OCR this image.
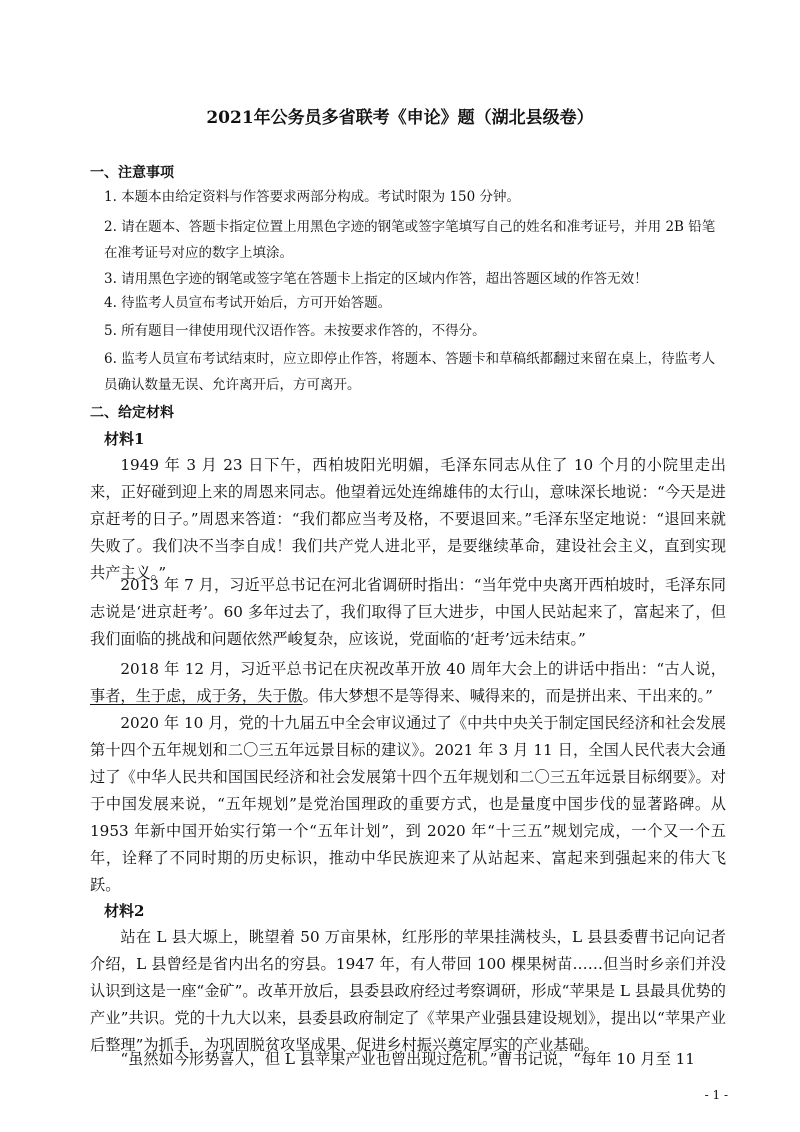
2021年公务员多省联考《申论》题（湖北县级卷）
一、注意事项

1. 本题本由给定资料与作答要求两部分构成。考试时限为 150 分钟。

2. 请在题本、答题卡指定位置上用黑色字迹的钢笔或签字笔填写自己的姓名和准考证号，并用 2B 铅笔在准考证号对应的数字上填涂。

3. 请用黑色字迹的钢笔或签字笔在答题卡上指定的区域内作答，超出答题区域的作答无效！

4. 待监考人员宣布考试开始后，方可开始答题。

5. 所有题目一律使用现代汉语作答。未按要求作答的，不得分。

6. 监考人员宣布考试结束时，应立即停止作答，将题本、答题卡和草稿纸都翻过来留在桌上，待监考人员确认数量无误、允许离开后，方可离开。

二、给定材料
材料1

1949 年 3 月 23 日下午，西柏坡阳光明媚，毛泽东同志从住了 10 个月的小院里走出来，正好碰到迎上来的周恩来同志。他望着远处连绵雄伟的太行山，意味深长地说：“今天是进京赶考的日子。”周恩来答道：“我们都应当考及格，不要退回来。”毛泽东坚定地说：“退回来就失败了。我们决不当李自成！我们共产党人进北平，是要继续革命，建设社会主义，直到实现共产主义。”

2013 年 7 月，习近平总书记在河北省调研时指出：“当年党中央离开西柏坡时，毛泽东同志说是‘进京赶考’。60 多年过去了，我们取得了巨大进步，中国人民站起来了，富起来了，但我们面临的挑战和问题依然严峻复杂，应该说，党面临的‘赶考’远未结束。”

2018 年 12 月，习近平总书记在庆祝改革开放 40 周年大会上的讲话中指出：“古人说，事者，生于虑，成于务，失于傲。伟大梦想不是等得来、喊得来的，而是拼出来、干出来的。”

2020 年 10 月，党的十九届五中全会审议通过了《中共中央关于制定国民经济和社会发展第十四个五年规划和二〇三五年远景目标的建议》。2021 年 3 月 11 日，全国人民代表大会通过了《中华人民共和国国民经济和社会发展第十四个五年规划和二〇三五年远景目标纲要》。对于中国发展来说，“五年规划”是党治国理政的重要方式，也是量度中国步伐的显著路碑。从 1953 年新中国开始实行第一个“五年计划”，到 2020 年“十三五”规划完成，一个又一个五年，诠释了不同时期的历史标识，推动中华民族迎来了从站起来、富起来到强起来的伟大飞跃。

材料2

站在 L 县大塬上，眺望着 50 万亩果林，红彤彤的苹果挂满枝头，L 县县委曹书记向记者介绍，L 县曾经是省内出名的穷县。1947 年，有人带回 100 棵果树苗……但当时乡亲们并没认识到这是一座“金矿”。改革开放后，县委县政府经过考察调研，形成“苹果是 L 县最具优势的产业”共识。党的十九大以来，县委县政府制定了《苹果产业强县建设规划》，提出以“苹果产业后整理”为抓手，为巩固脱贫攻坚成果、促进乡村振兴奠定厚实的产业基础。

“虽然如今形势喜人，但 L 县苹果产业也曾出现过危机。”曹书记说，“每年 10 月至 11

- 1 -
